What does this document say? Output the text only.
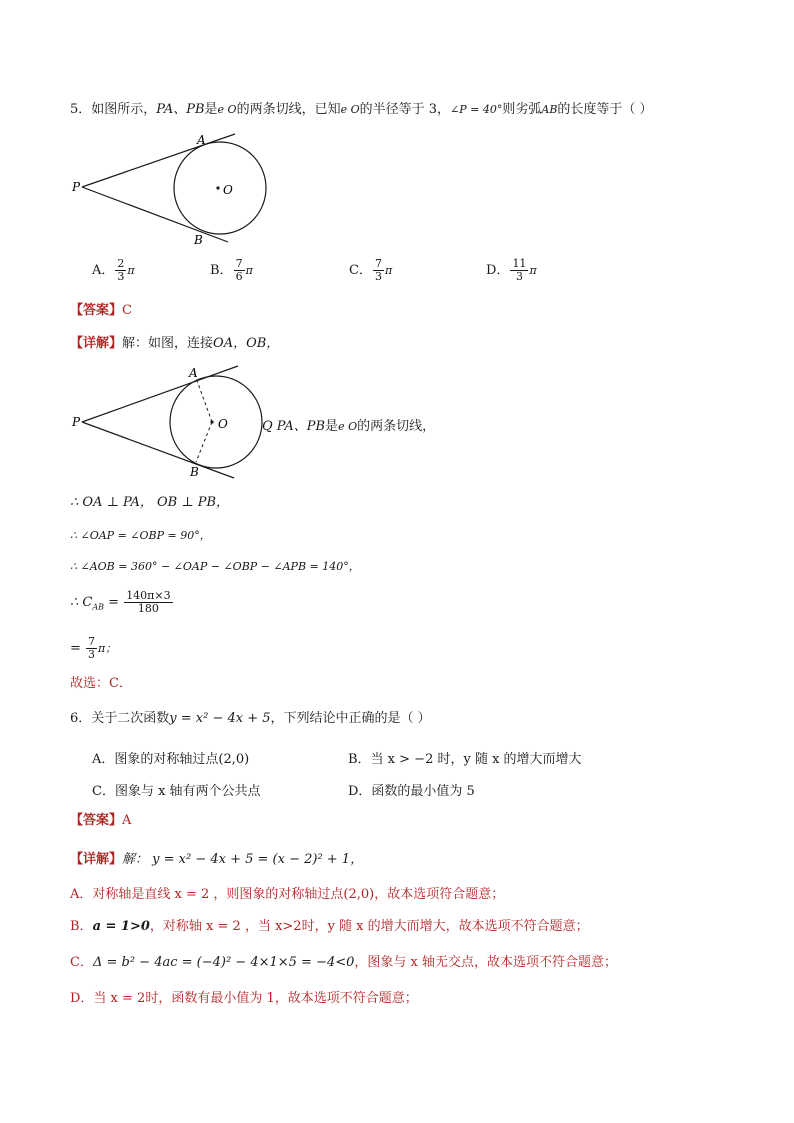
5．如图所示，PA、PB是e O的两条切线，已知e O的半径等于 3，∠P = 40°则劣弧AB的长度等于（ ）
A
B
P	O
A． $\frac{2}{3}$ π	B． $\frac{7}{6}$ π	C． $\frac{7}{3}$ π	D． $\frac{11}{3}$ π
【答案】C
【详解】解：如图，连接OA，OB，
A
B
P	O	Q PA、PB是e O的两条切线，
∴ OA ⊥ PA， OB ⊥ PB，
∴ ∠OAP = ∠OBP = 90°，
∴ ∠AOB = 360° − ∠OAP − ∠OBP − ∠APB = 140°，
∴ $C_{AB} = \frac{140\pi\times 3}{180}$
= $\frac{7}{3}$ π；
故选：C．
6．关于二次函数y = x² − 4x + 5，下列结论中正确的是（ ）
A．图象的对称轴过点(2,0)	B．当 x > −2 时，y 随 x 的增大而增大
C．图象与 x 轴有两个公共点	D．函数的最小值为 5
【答案】A
【详解】解： y = x² − 4x + 5 = (x − 2)² + 1，
A．对称轴是直线 x = 2 ，则图象的对称轴过点(2,0)，故本选项符合题意；
B．a = 1>0，对称轴 x = 2 ，当 x>2时，y 随 x 的增大而增大，故本选项不符合题意；
C．Δ = b² − 4ac = (−4)² − 4×1×5 = −4<0，图象与 x 轴无交点，故本选项不符合题意；
D．当 x = 2时，函数有最小值为 1，故本选项不符合题意；
